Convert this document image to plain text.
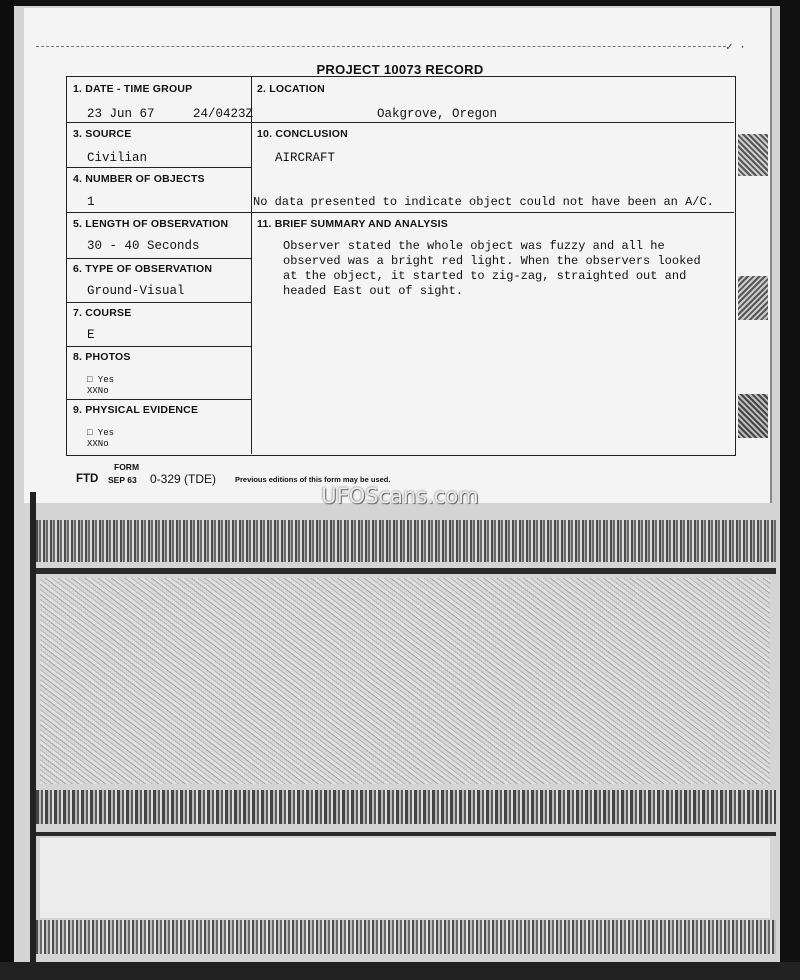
✓ ·
PROJECT 10073 RECORD
1. DATE - TIME GROUP
23 Jun 67	24/0423Z
2. LOCATION
Oakgrove, Oregon
3. SOURCE
Civilian
10. CONCLUSION
AIRCRAFT
No data presented to indicate object could not have been an A/C.
4. NUMBER OF OBJECTS
1
5. LENGTH OF OBSERVATION
30 - 40 Seconds
11. BRIEF SUMMARY AND ANALYSIS
Observer stated the whole object was fuzzy and all he
observed was a bright red light. When the observers looked
at the object, it started to zig-zag, straighted out and
headed East out of sight.
6. TYPE OF OBSERVATION
Ground-Visual
7. COURSE
E
8. PHOTOS
□ Yes
XXNo
9. PHYSICAL EVIDENCE
□ Yes
XXNo
FORM
FTD SEP 63 0-329 (TDE)	Previous editions of this form may be used.
UFOScans.com
